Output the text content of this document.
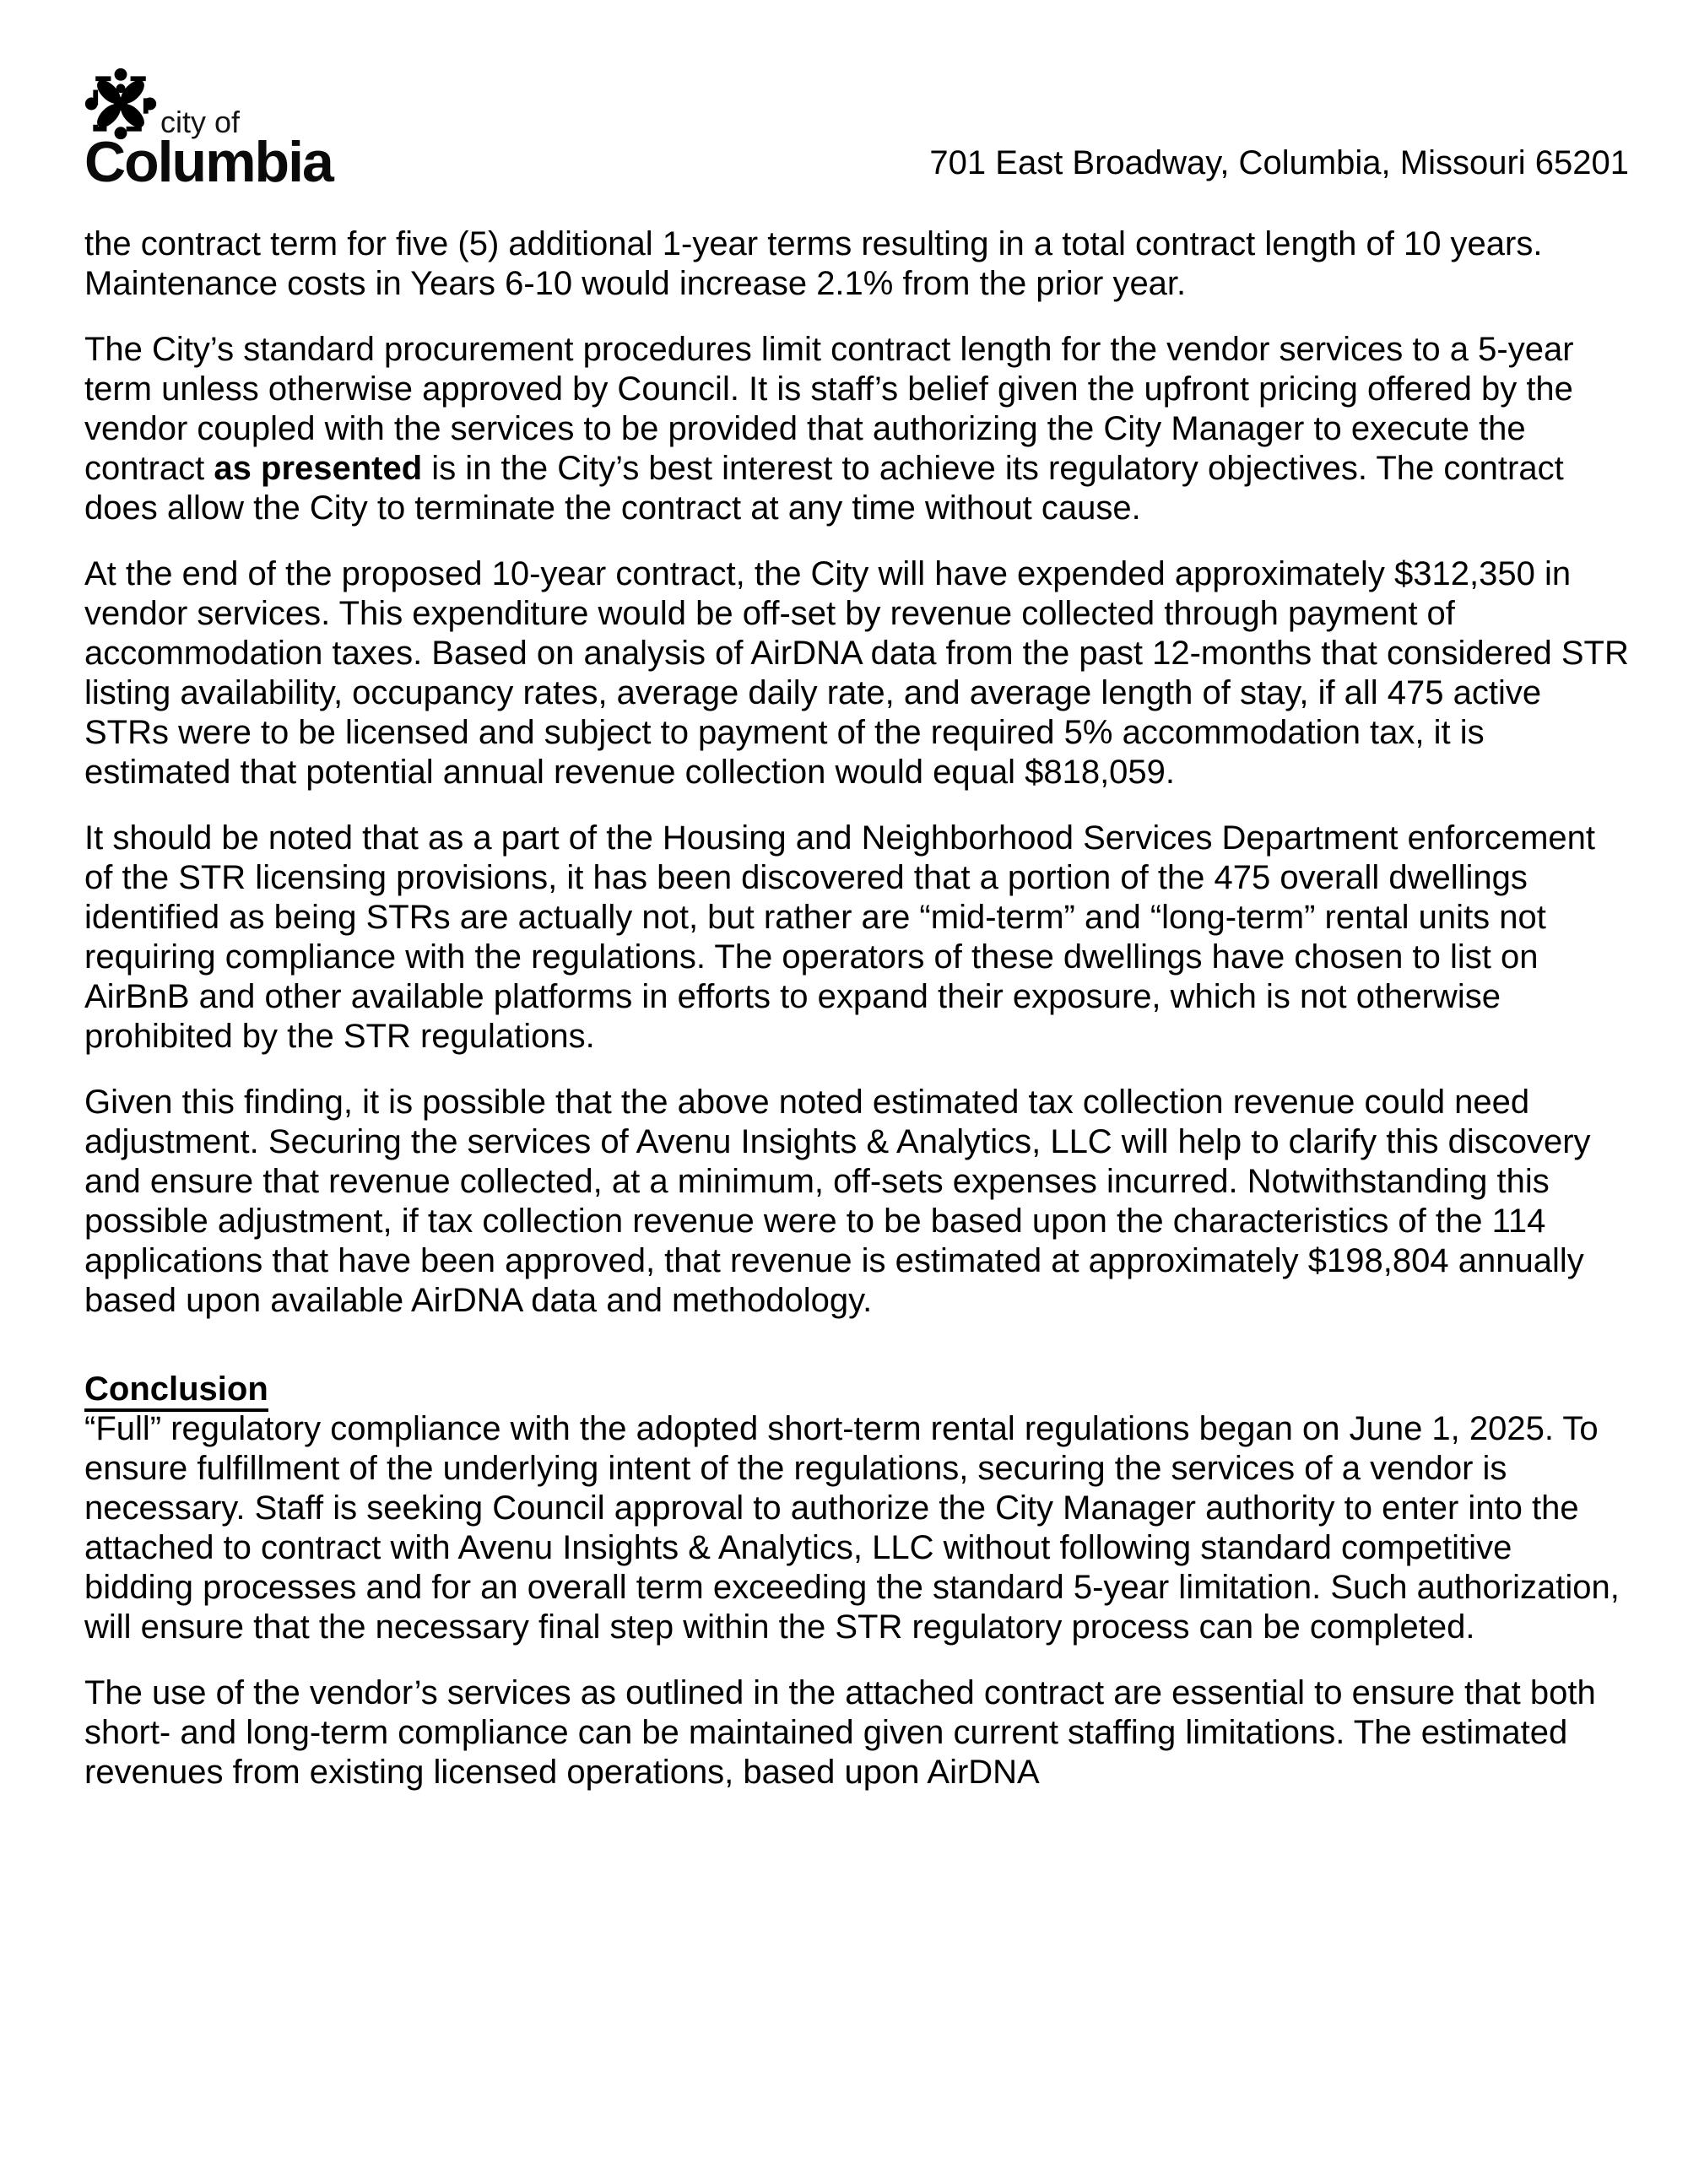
city of
Columbia	701 East Broadway, Columbia, Missouri 65201

the contract term for five (5) additional 1-year terms resulting in a total contract length of 10 years. Maintenance costs in Years 6-10 would increase 2.1% from the prior year.

The City’s standard procurement procedures limit contract length for the vendor services to a 5-year term unless otherwise approved by Council. It is staff’s belief given the upfront pricing offered by the vendor coupled with the services to be provided that authorizing the City Manager to execute the contract as presented is in the City’s best interest to achieve its regulatory objectives. The contract does allow the City to terminate the contract at any time without cause.

At the end of the proposed 10-year contract, the City will have expended approximately $312,350 in vendor services. This expenditure would be off-set by revenue collected through payment of accommodation taxes. Based on analysis of AirDNA data from the past 12-months that considered STR listing availability, occupancy rates, average daily rate, and average length of stay, if all 475 active STRs were to be licensed and subject to payment of the required 5% accommodation tax, it is estimated that potential annual revenue collection would equal $818,059.

It should be noted that as a part of the Housing and Neighborhood Services Department enforcement of the STR licensing provisions, it has been discovered that a portion of the 475 overall dwellings identified as being STRs are actually not, but rather are “mid-term” and “long-term” rental units not requiring compliance with the regulations. The operators of these dwellings have chosen to list on AirBnB and other available platforms in efforts to expand their exposure, which is not otherwise prohibited by the STR regulations.

Given this finding, it is possible that the above noted estimated tax collection revenue could need adjustment. Securing the services of Avenu Insights & Analytics, LLC will help to clarify this discovery and ensure that revenue collected, at a minimum, off-sets expenses incurred. Notwithstanding this possible adjustment, if tax collection revenue were to be based upon the characteristics of the 114 applications that have been approved, that revenue is estimated at approximately $198,804 annually based upon available AirDNA data and methodology.

Conclusion

“Full” regulatory compliance with the adopted short-term rental regulations began on June 1, 2025. To ensure fulfillment of the underlying intent of the regulations, securing the services of a vendor is necessary. Staff is seeking Council approval to authorize the City Manager authority to enter into the attached to contract with Avenu Insights & Analytics, LLC without following standard competitive bidding processes and for an overall term exceeding the standard 5-year limitation. Such authorization, will ensure that the necessary final step within the STR regulatory process can be completed.

The use of the vendor’s services as outlined in the attached contract are essential to ensure that both short- and long-term compliance can be maintained given current staffing limitations. The estimated revenues from existing licensed operations, based upon AirDNA
